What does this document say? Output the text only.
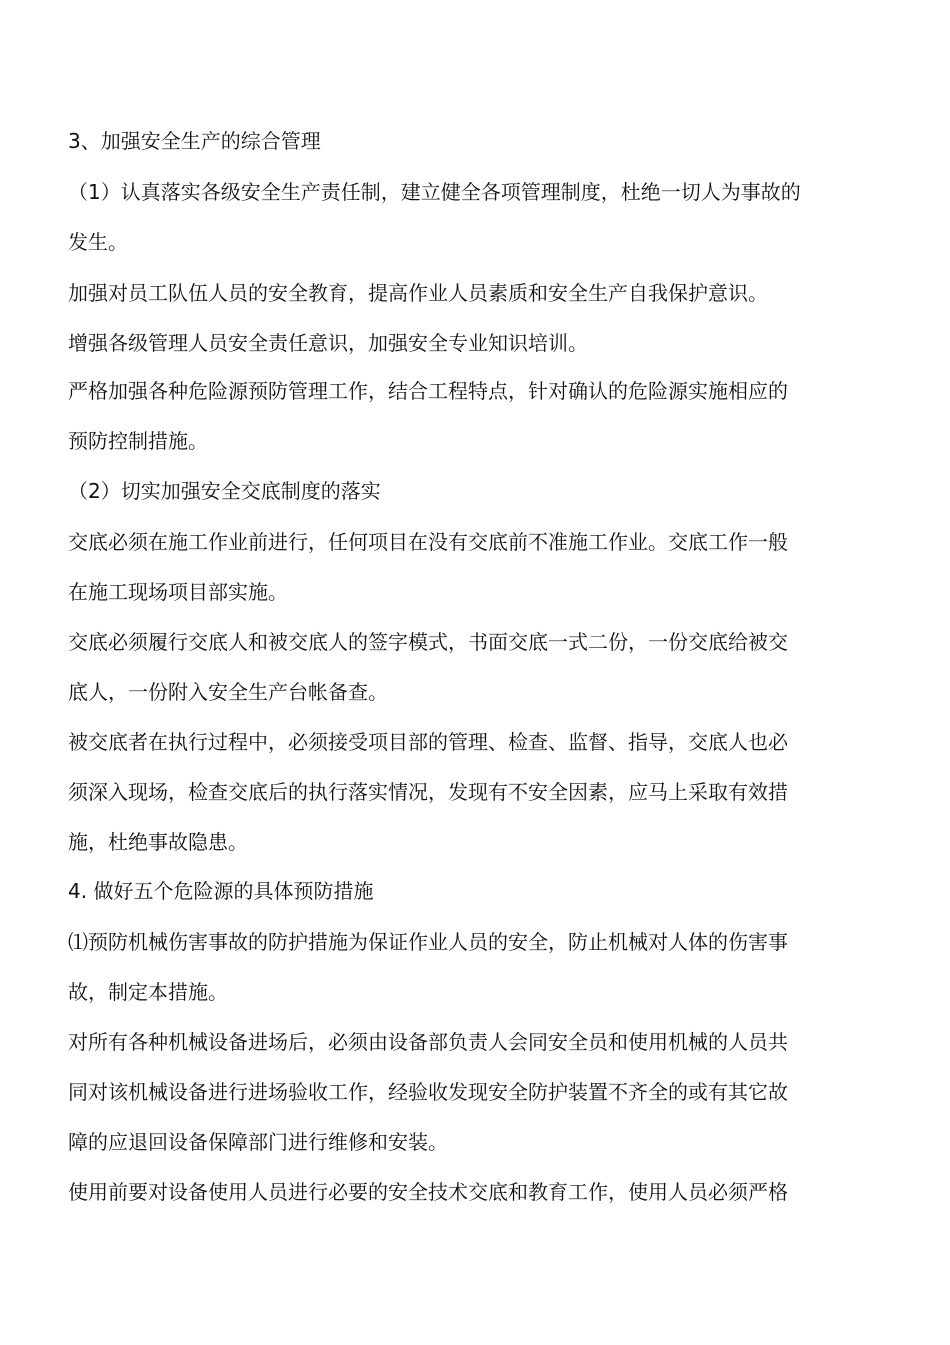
3、加强安全生产的综合管理
（1）认真落实各级安全生产责任制，建立健全各项管理制度，杜绝一切人为事故的
发生。
加强对员工队伍人员的安全教育，提高作业人员素质和安全生产自我保护意识。
增强各级管理人员安全责任意识，加强安全专业知识培训。
严格加强各种危险源预防管理工作，结合工程特点，针对确认的危险源实施相应的
预防控制措施。
（2）切实加强安全交底制度的落实
交底必须在施工作业前进行，任何项目在没有交底前不准施工作业。交底工作一般
在施工现场项目部实施。
交底必须履行交底人和被交底人的签字模式，书面交底一式二份，一份交底给被交
底人，一份附入安全生产台帐备查。
被交底者在执行过程中，必须接受项目部的管理、检查、监督、指导，交底人也必
须深入现场，检查交底后的执行落实情况，发现有不安全因素，应马上采取有效措
施，杜绝事故隐患。
4. 做好五个危险源的具体预防措施
⑴预防机械伤害事故的防护措施为保证作业人员的安全，防止机械对人体的伤害事
故，制定本措施。
对所有各种机械设备进场后，必须由设备部负责人会同安全员和使用机械的人员共
同对该机械设备进行进场验收工作，经验收发现安全防护装置不齐全的或有其它故
障的应退回设备保障部门进行维修和安装。
使用前要对设备使用人员进行必要的安全技术交底和教育工作，使用人员必须严格
